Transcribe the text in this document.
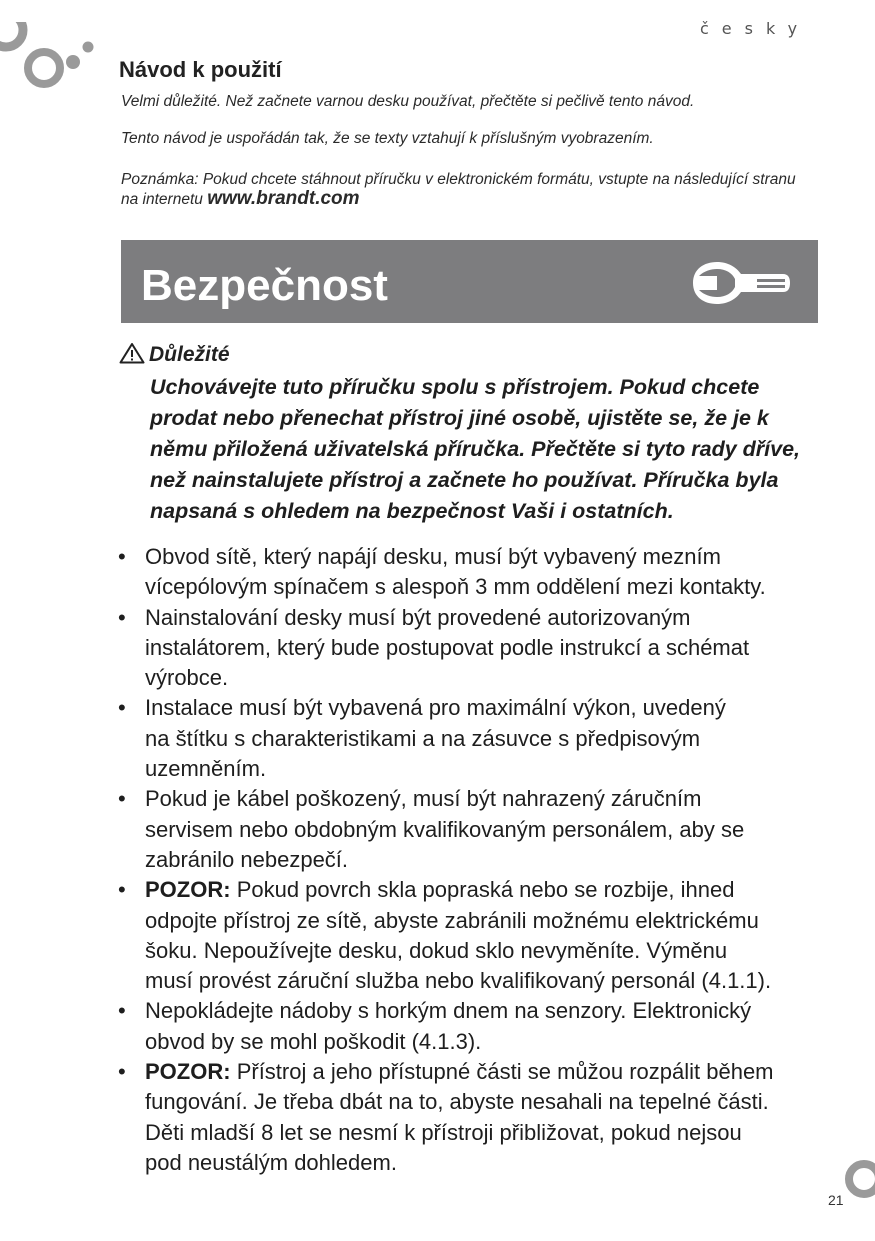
česky
Návod k použití

Velmi důležité. Než začnete varnou desku používat, přečtěte si pečlivě tento návod.

Tento návod je uspořádán tak, že se texty vztahují k příslušným vyobrazením.

Poznámka: Pokud chcete stáhnout příručku v elektronickém formátu, vstupte na následující stranu
na internetu www.brandt.com

Bezpečnost
Důležité

Uchovávejte tuto příručku spolu s přístrojem. Pokud chcete
prodat nebo přenechat přístroj jiné osobě, ujistěte se, že je k
němu přiložená uživatelská příručka. Přečtěte si tyto rady dříve,
než nainstalujete přístroj a začnete ho používat. Příručka byla
napsaná s ohledem na bezpečnost Vaši i ostatních.

• Obvod sítě, který napájí desku, musí být vybavený mezním
vícepólovým spínačem s alespoň 3 mm oddělení mezi kontakty.
• Nainstalování desky musí být provedené autorizovaným
instalátorem, který bude postupovat podle instrukcí a schémat
výrobce.
• Instalace musí být vybavená pro maximální výkon, uvedený
na štítku s charakteristikami a na zásuvce s předpisovým
uzemněním.
• Pokud je kábel poškozený, musí být nahrazený záručním
servisem nebo obdobným kvalifikovaným personálem, aby se
zabránilo nebezpečí.
• POZOR: Pokud povrch skla popraská nebo se rozbije, ihned
odpojte přístroj ze sítě, abyste zabránili možnému elektrickému
šoku. Nepoužívejte desku, dokud sklo nevyměníte. Výměnu
musí provést záruční služba nebo kvalifikovaný personál (4.1.1).
• Nepokládejte nádoby s horkým dnem na senzory. Elektronický
obvod by se mohl poškodit (4.1.3).
• POZOR: Přístroj a jeho přístupné části se můžou rozpálit během
fungování. Je třeba dbát na to, abyste nesahali na tepelné části.
Děti mladší 8 let se nesmí k přístroji přibližovat, pokud nejsou
pod neustálým dohledem.
21
